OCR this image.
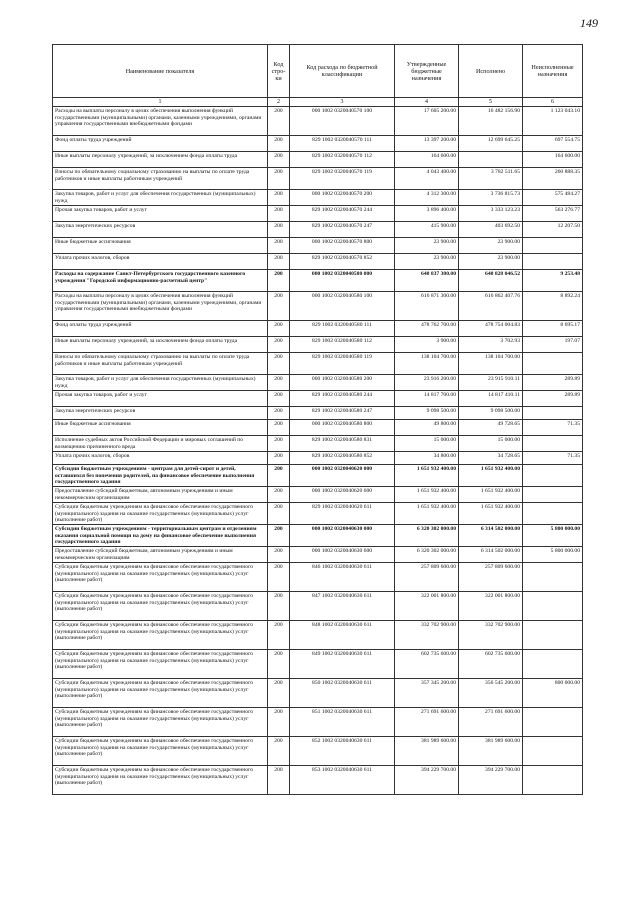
149
Наименование показателя	Код стро-ки	Код расхода по бюджетной классификации	Утвержденные бюджетные назначения	Исполнено	Неисполненные назначения
1	2	3	4	5	6
Расходы на выплаты персоналу в целях обеспечения выполнения функций государственными (муниципальными) органами, казенными учреждениями, органами управления государственными внебюджетными фондами	200	000 1002 0320040570 100	17 605 200.00	16 482 156.90	1 123 043.10
Фонд оплаты труда учреждений	200	829 1002 0320040570 111	13 397 200.00	12 699 645.25	697 554.75
Иные выплаты персоналу учреждений, за исключением фонда оплаты труда	200	829 1002 0320040570 112	164 600.00		164 600.00
Взносы по обязательному социальному страхованию на выплаты по оплате труда работников и иные выплаты работникам учреждений	200	829 1002 0320040570 119	4 043 400.00	3 782 511.65	260 888.35
Закупка товаров, работ и услуг для обеспечения государственных (муниципальных) нужд	200	000 1002 0320040570 200	4 312 300.00	3 736 815.73	575 484.27
Прочая закупка товаров, работ и услуг	200	829 1002 0320040570 244	3 896 400.00	3 333 123.23	563 276.77
Закупка энергетических ресурсов	200	829 1002 0320040570 247	415 900.00	403 692.50	12 207.50
Иные бюджетные ассигнования	200	000 1002 0320040570 800	23 900.00	23 900.00	
Уплата прочих налогов, сборов	200	829 1002 0320040570 852	23 900.00	23 900.00	
Расходы на содержание Санкт-Петербургского государственного казенного учреждения "Городской информационно-расчетный центр"	200	000 1002 0320040580 000	640 837 300.00	640 828 046.52	9 253.48
Расходы на выплаты персоналу в целях обеспечения выполнения функций государственными (муниципальными) органами, казенными учреждениями, органами управления государственными внебюджетными фондами	200	000 1002 0320040580 100	616 871 300.00	616 862 407.76	8 892.24
Фонд оплаты труда учреждений	200	829 1002 0320040580 111	478 762 700.00	478 754 004.83	8 695.17
Иные выплаты персоналу учреждений, за исключением фонда оплаты труда	200	829 1002 0320040580 112	3 900.00	3 702.93	197.07
Взносы по обязательному социальному страхованию на выплаты по оплате труда работников и иные выплаты работникам учреждений	200	829 1002 0320040580 119	138 104 700.00	138 104 700.00	
Закупка товаров, работ и услуг для обеспечения государственных (муниципальных) нужд	200	000 1002 0320040580 200	23 916 200.00	23 915 910.11	289.89
Прочая закупка товаров, работ и услуг	200	829 1002 0320040580 244	14 817 700.00	14 817 410.11	289.89
Закупка энергетических ресурсов	200	829 1002 0320040580 247	9 098 500.00	9 098 500.00	
Иные бюджетные ассигнования	200	000 1002 0320040580 800	49 800.00	49 728.65	71.35
Исполнение судебных актов Российской Федерации и мировых соглашений по возмещению причиненного вреда	200	829 1002 0320040580 831	15 000.00	15 000.00	
Уплата прочих налогов, сборов	200	829 1002 0320040580 852	34 800.00	34 728.65	71.35
Субсидии бюджетным учреждениям - центрам для детей-сирот и детей, оставшихся без попечения родителей, на финансовое обеспечение выполнения государственного задания	200	000 1002 0320040620 000	1 651 932 400.00	1 651 932 400.00	
Предоставление субсидий бюджетным, автономным учреждениям и иным некоммерческим организациям	200	000 1002 0320040620 600	1 651 932 400.00	1 651 932 400.00	
Субсидии бюджетным учреждениям на финансовое обеспечение государственного (муниципального) задания на оказание государственных (муниципальных) услуг (выполнение работ)	200	829 1002 0320040620 611	1 651 932 400.00	1 651 932 400.00	
Субсидии бюджетным учреждениям - территориальным центрам и отделениям оказания социальной помощи на дому на финансовое обеспечение выполнения государственного задания	200	000 1002 0320040630 000	6 320 302 000.00	6 314 502 000.00	5 800 000.00
Предоставление субсидий бюджетным, автономным учреждениям и иным некоммерческим организациям	200	000 1002 0320040630 600	6 320 302 000.00	6 314 502 000.00	5 800 000.00
Субсидии бюджетным учреждениям на финансовое обеспечение государственного (муниципального) задания на оказание государственных (муниципальных) услуг (выполнение работ)	200	846 1002 0320040630 611	257 809 600.00	257 809 600.00	
Субсидии бюджетным учреждениям на финансовое обеспечение государственного (муниципального) задания на оказание государственных (муниципальных) услуг (выполнение работ)	200	847 1002 0320040630 611	322 001 800.00	322 001 800.00	
Субсидии бюджетным учреждениям на финансовое обеспечение государственного (муниципального) задания на оказание государственных (муниципальных) услуг (выполнение работ)	200	848 1002 0320040630 611	332 702 900.00	332 702 900.00	
Субсидии бюджетным учреждениям на финансовое обеспечение государственного (муниципального) задания на оказание государственных (муниципальных) услуг (выполнение работ)	200	849 1002 0320040630 611	602 735 600.00	602 735 600.00	
Субсидии бюджетным учреждениям на финансовое обеспечение государственного (муниципального) задания на оказание государственных (муниципальных) услуг (выполнение работ)	200	850 1002 0320040630 611	357 345 200.00	356 545 200.00	800 000.00
Субсидии бюджетным учреждениям на финансовое обеспечение государственного (муниципального) задания на оказание государственных (муниципальных) услуг (выполнение работ)	200	851 1002 0320040630 611	271 691 600.00	271 691 600.00	
Субсидии бюджетным учреждениям на финансовое обеспечение государственного (муниципального) задания на оказание государственных (муниципальных) услуг (выполнение работ)	200	852 1002 0320040630 611	381 989 600.00	381 989 600.00	
Субсидии бюджетным учреждениям на финансовое обеспечение государственного (муниципального) задания на оказание государственных (муниципальных) услуг (выполнение работ)	200	853 1002 0320040630 611	394 229 700.00	394 229 700.00	
